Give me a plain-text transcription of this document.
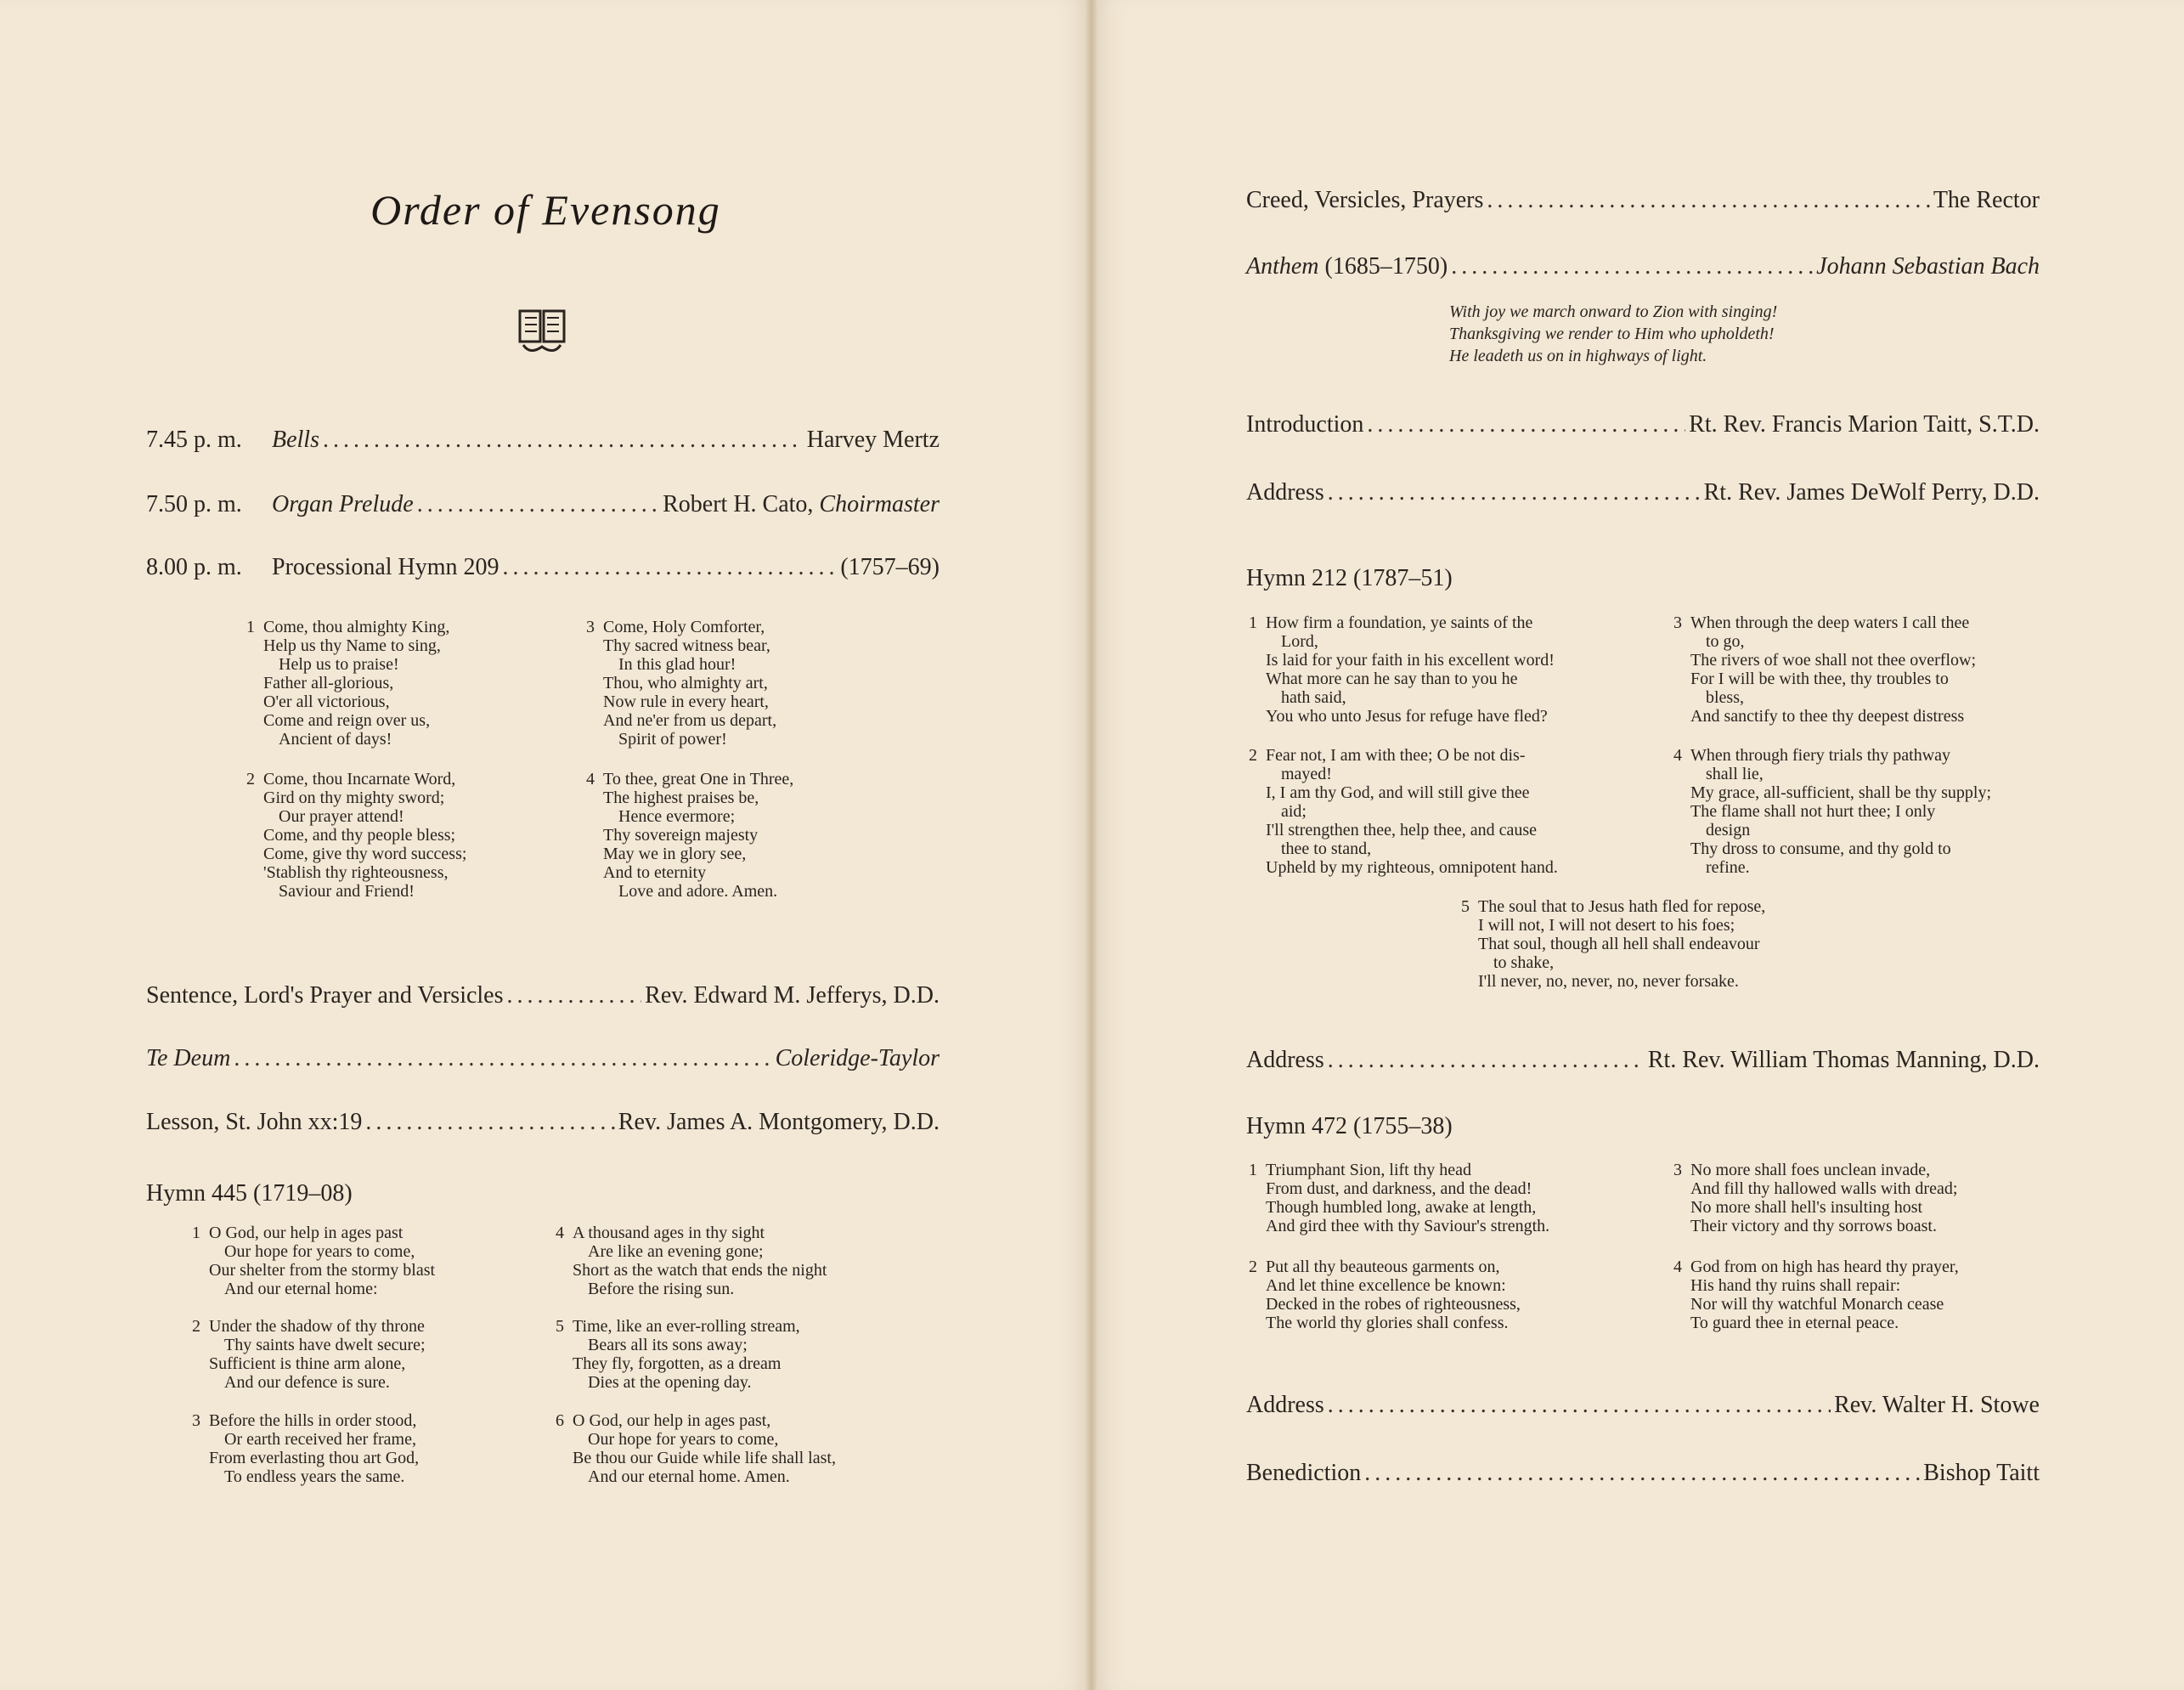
Order of Evensong
7.45 p. m.	Bells . . .	Harvey Mertz
7.50 p. m.	Organ Prelude . . .	Robert H. Cato, Choirmaster
8.00 p. m.	Processional Hymn 209 . . .	(1757–69)
1 Come, thou almighty King,
Help us thy Name to sing,
Help us to praise!
Father all-glorious,
O'er all victorious,
Come and reign over us,
Ancient of days!
2 Come, thou Incarnate Word,
Gird on thy mighty sword;
Our prayer attend!
Come, and thy people bless;
Come, give thy word success;
'Stablish thy righteousness,
Saviour and Friend!
3 Come, Holy Comforter,
Thy sacred witness bear,
In this glad hour!
Thou, who almighty art,
Now rule in every heart,
And ne'er from us depart,
Spirit of power!
4 To thee, great One in Three,
The highest praises be,
Hence evermore;
Thy sovereign majesty
May we in glory see,
And to eternity
Love and adore. Amen.
Sentence, Lord's Prayer and Versicles . . .	Rev. Edward M. Jefferys, D.D.
Te Deum . . .	Coleridge-Taylor
Lesson, St. John xx:19 . . .	Rev. James A. Montgomery, D.D.
Hymn 445 (1719–08)
1 O God, our help in ages past
Our hope for years to come,
Our shelter from the stormy blast
And our eternal home:
2 Under the shadow of thy throne
Thy saints have dwelt secure;
Sufficient is thine arm alone,
And our defence is sure.
3 Before the hills in order stood,
Or earth received her frame,
From everlasting thou art God,
To endless years the same.
4 A thousand ages in thy sight
Are like an evening gone;
Short as the watch that ends the night
Before the rising sun.
5 Time, like an ever-rolling stream,
Bears all its sons away;
They fly, forgotten, as a dream
Dies at the opening day.
6 O God, our help in ages past,
Our hope for years to come,
Be thou our Guide while life shall last,
And our eternal home. Amen.
Creed, Versicles, Prayers . . .	The Rector
Anthem (1685–1750) . . .	Johann Sebastian Bach
With joy we march onward to Zion with singing!
Thanksgiving we render to Him who upholdeth!
He leadeth us on in highways of light.
Introduction . . .	Rt. Rev. Francis Marion Taitt, S.T.D.
Address . . .	Rt. Rev. James DeWolf Perry, D.D.
Hymn 212 (1787–51)
1 How firm a foundation, ye saints of the
Lord,
Is laid for your faith in his excellent word!
What more can he say than to you he
hath said,
You who unto Jesus for refuge have fled?
2 Fear not, I am with thee; O be not dis-
mayed!
I, I am thy God, and will still give thee
aid;
I'll strengthen thee, help thee, and cause
thee to stand,
Upheld by my righteous, omnipotent hand.
3 When through the deep waters I call thee
to go,
The rivers of woe shall not thee overflow;
For I will be with thee, thy troubles to
bless,
And sanctify to thee thy deepest distress
4 When through fiery trials thy pathway
shall lie,
My grace, all-sufficient, shall be thy supply;
The flame shall not hurt thee; I only
design
Thy dross to consume, and thy gold to
refine.
5 The soul that to Jesus hath fled for repose,
I will not, I will not desert to his foes;
That soul, though all hell shall endeavour
to shake,
I'll never, no, never, no, never forsake.
Address . . .	Rt. Rev. William Thomas Manning, D.D.
Hymn 472 (1755–38)
1 Triumphant Sion, lift thy head
From dust, and darkness, and the dead!
Though humbled long, awake at length,
And gird thee with thy Saviour's strength.
2 Put all thy beauteous garments on,
And let thine excellence be known:
Decked in the robes of righteousness,
The world thy glories shall confess.
3 No more shall foes unclean invade,
And fill thy hallowed walls with dread;
No more shall hell's insulting host
Their victory and thy sorrows boast.
4 God from on high has heard thy prayer,
His hand thy ruins shall repair:
Nor will thy watchful Monarch cease
To guard thee in eternal peace.
Address . . .	Rev. Walter H. Stowe
Benediction . . .	Bishop Taitt
